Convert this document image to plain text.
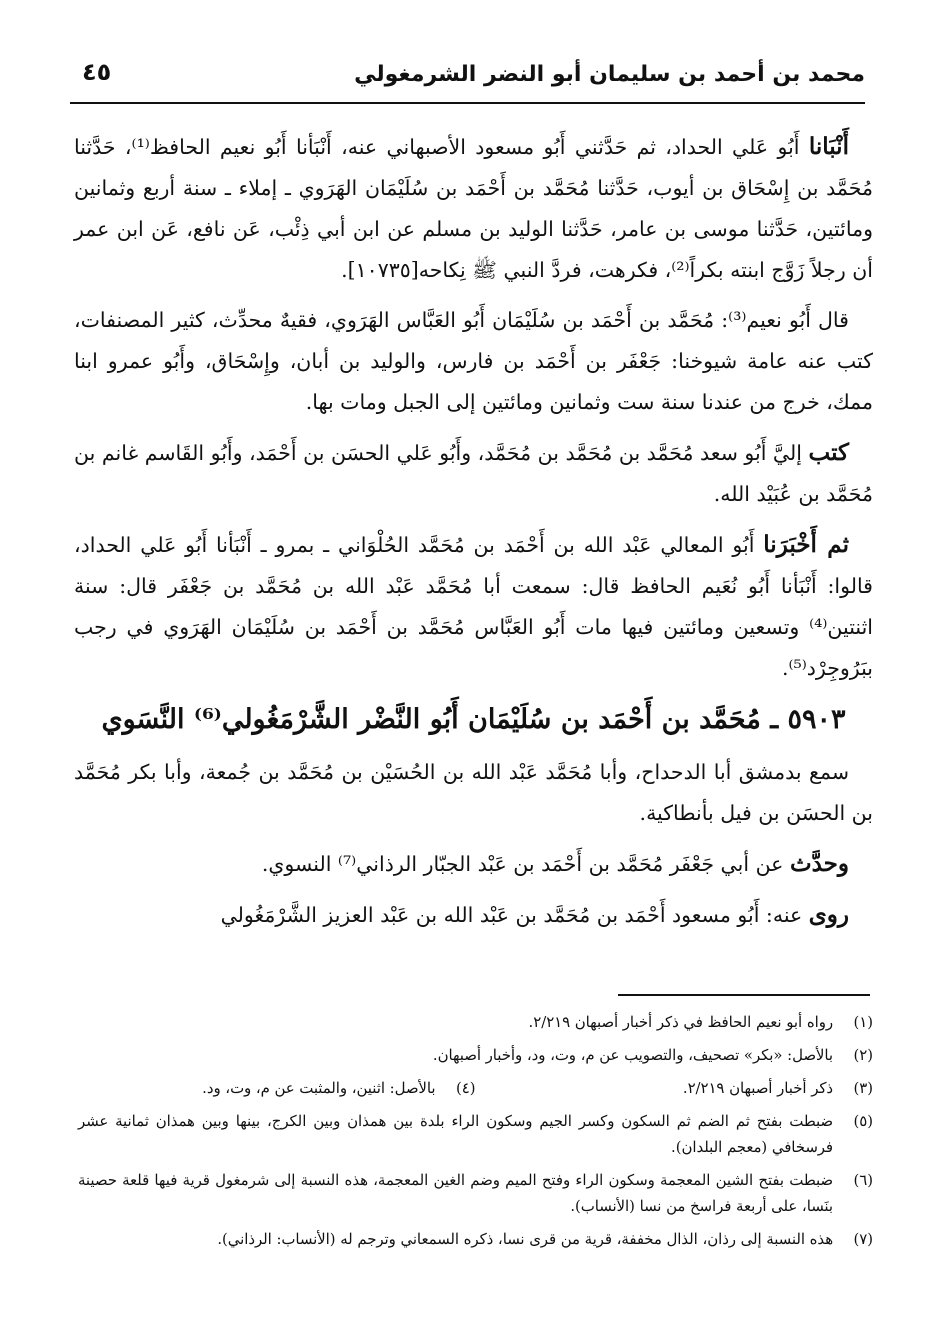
محمد بن أحمد بن سليمان أبو النضر الشرمغولي
٤٥

أَنْبَانا أَبُو عَلي الحداد، ثم حَدَّثني أَبُو مسعود الأصبهاني عنه، أَنْبَأنا أَبُو نعيم الحافظ⁽¹⁾، حَدَّثنا مُحَمَّد بن إِسْحَاق بن أيوب، حَدَّثنا مُحَمَّد بن أَحْمَد بن سُلَيْمَان الهَرَوي ـ إملاء ـ سنة أربع وثمانين ومائتين، حَدَّثنا موسى بن عامر، حَدَّثنا الوليد بن مسلم عن ابن أبي ذِئْب، عَن نافع، عَن ابن عمر أن رجلاً زَوَّج ابنته بكراً⁽²⁾، فكرهت، فردَّ النبي ﷺ نِكاحه[١٠٧٣٥].

قال أَبُو نعيم⁽³⁾: مُحَمَّد بن أَحْمَد بن سُلَيْمَان أَبُو العَبَّاس الهَرَوي، فقيهٌ محدِّث، كثير المصنفات، كتب عنه عامة شيوخنا: جَعْفَر بن أَحْمَد بن فارس، والوليد بن أبان، وإِسْحَاق، وأَبُو عمرو ابنا ممك، خرج من عندنا سنة ست وثمانين ومائتين إلى الجبل ومات بها.

كتب إليَّ أَبُو سعد مُحَمَّد بن مُحَمَّد بن مُحَمَّد، وأَبُو عَلي الحسَن بن أَحْمَد، وأَبُو القَاسم غانم بن مُحَمَّد بن عُبَيْد الله.

ثم أَخْبَرَنا أَبُو المعالي عَبْد الله بن أَحْمَد بن مُحَمَّد الحُلْوَاني ـ بمرو ـ أَنْبَأنا أَبُو عَلي الحداد، قالوا: أَنْبَأنا أَبُو نُعَيم الحافظ قال: سمعت أبا مُحَمَّد عَبْد الله بن مُحَمَّد بن جَعْفَر قال: سنة اثنتين⁽⁴⁾ وتسعين ومائتين فيها مات أَبُو العَبَّاس مُحَمَّد بن أَحْمَد بن سُلَيْمَان الهَرَوي في رجب ببَرُوجِرْد⁽⁵⁾.

٥٩٠٣ ـ مُحَمَّد بن أَحْمَد بن سُلَيْمَان أَبُو النَّضْر الشَّرْمَغُولي⁽⁶⁾ النَّسَوي

سمع بدمشق أبا الدحداح، وأبا مُحَمَّد عَبْد الله بن الحُسَيْن بن مُحَمَّد بن جُمعة، وأبا بكر مُحَمَّد بن الحسَن بن فيل بأنطاكية.

وحدَّث عن أبي جَعْفَر مُحَمَّد بن أَحْمَد بن عَبْد الجبّار الرذاني⁽⁷⁾ النسوي.

روى عنه: أَبُو مسعود أَحْمَد بن مُحَمَّد بن عَبْد الله بن عَبْد العزيز الشَّرْمَغُولي

(١)
رواه أبو نعيم الحافظ في ذكر أخبار أصبهان ٢/٢١٩.
(٢)
بالأصل: «بكر» تصحيف، والتصويب عن م، وت، ود، وأخبار أصبهان.
(٣)
ذكر أخبار أصبهان ٢/٢١٩.
(٤)
بالأصل: اثنين، والمثبت عن م، وت، ود.
(٥)
ضبطت بفتح ثم الضم ثم السكون وكسر الجيم وسكون الراء بلدة بين همذان وبين الكرج، بينها وبين همذان ثمانية عشر فرسخافي (معجم البلدان).
(٦)
ضبطت بفتح الشين المعجمة وسكون الراء وفتح الميم وضم الغين المعجمة، هذه النسبة إلى شرمغول قرية فيها قلعة حصينة بنَسا، على أربعة فراسخ من نسا (الأنساب).
(٧)
هذه النسبة إلى رذان، الذال مخففة، قرية من قرى نسا، ذكره السمعاني وترجم له (الأنساب: الرذاني).
